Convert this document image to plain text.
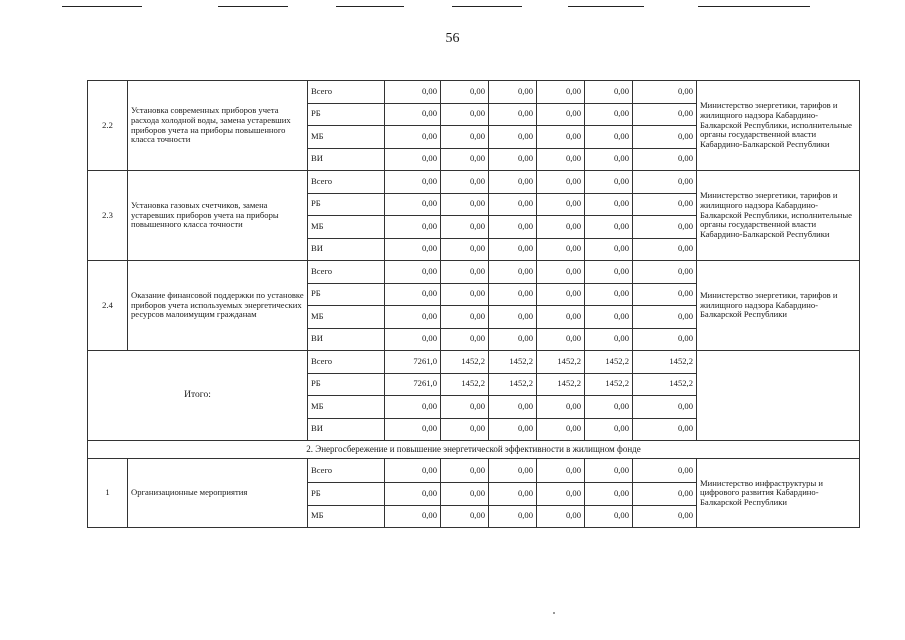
56
2.2	Установка современных приборов учета расхода холодной воды, замена устаревших приборов учета на приборы повышенного класса точности	Всего	0,00	0,00	0,00	0,00	0,00	0,00	Министерство энергетики, тарифов и жилищного надзора Кабардино-Балкарской Республики, исполнительные органы государственной власти Кабардино-Балкарской Республики
		РБ	0,00	0,00	0,00	0,00	0,00	0,00	
		МБ	0,00	0,00	0,00	0,00	0,00	0,00	
		ВИ	0,00	0,00	0,00	0,00	0,00	0,00	
2.3	Установка газовых счетчиков, замена устаревших приборов учета на приборы повышенного класса точности	Всего	0,00	0,00	0,00	0,00	0,00	0,00	Министерство энергетики, тарифов и жилищного надзора Кабардино-Балкарской Республики, исполнительные органы государственной власти Кабардино-Балкарской Республики
		РБ	0,00	0,00	0,00	0,00	0,00	0,00	
		МБ	0,00	0,00	0,00	0,00	0,00	0,00	
		ВИ	0,00	0,00	0,00	0,00	0,00	0,00	
2.4	Оказание финансовой поддержки по установке приборов учета используемых энергетических ресурсов малоимущим гражданам	Всего	0,00	0,00	0,00	0,00	0,00	0,00	Министерство энергетики, тарифов и жилищного надзора Кабардино-Балкарской Республики
		РБ	0,00	0,00	0,00	0,00	0,00	0,00	
		МБ	0,00	0,00	0,00	0,00	0,00	0,00	
		ВИ	0,00	0,00	0,00	0,00	0,00	0,00	
Итого:		Всего	7261,0	1452,2	1452,2	1452,2	1452,2	1452,2	
		РБ	7261,0	1452,2	1452,2	1452,2	1452,2	1452,2	
		МБ	0,00	0,00	0,00	0,00	0,00	0,00	
		ВИ	0,00	0,00	0,00	0,00	0,00	0,00	
2. Энергосбережение и повышение энергетической эффективности в жилищном фонде									
1	Организационные мероприятия	Всего	0,00	0,00	0,00	0,00	0,00	0,00	Министерство инфраструктуры и цифрового развития Кабардино-Балкарской Республики
		РБ	0,00	0,00	0,00	0,00	0,00	0,00	
		МБ	0,00	0,00	0,00	0,00	0,00	0,00	
